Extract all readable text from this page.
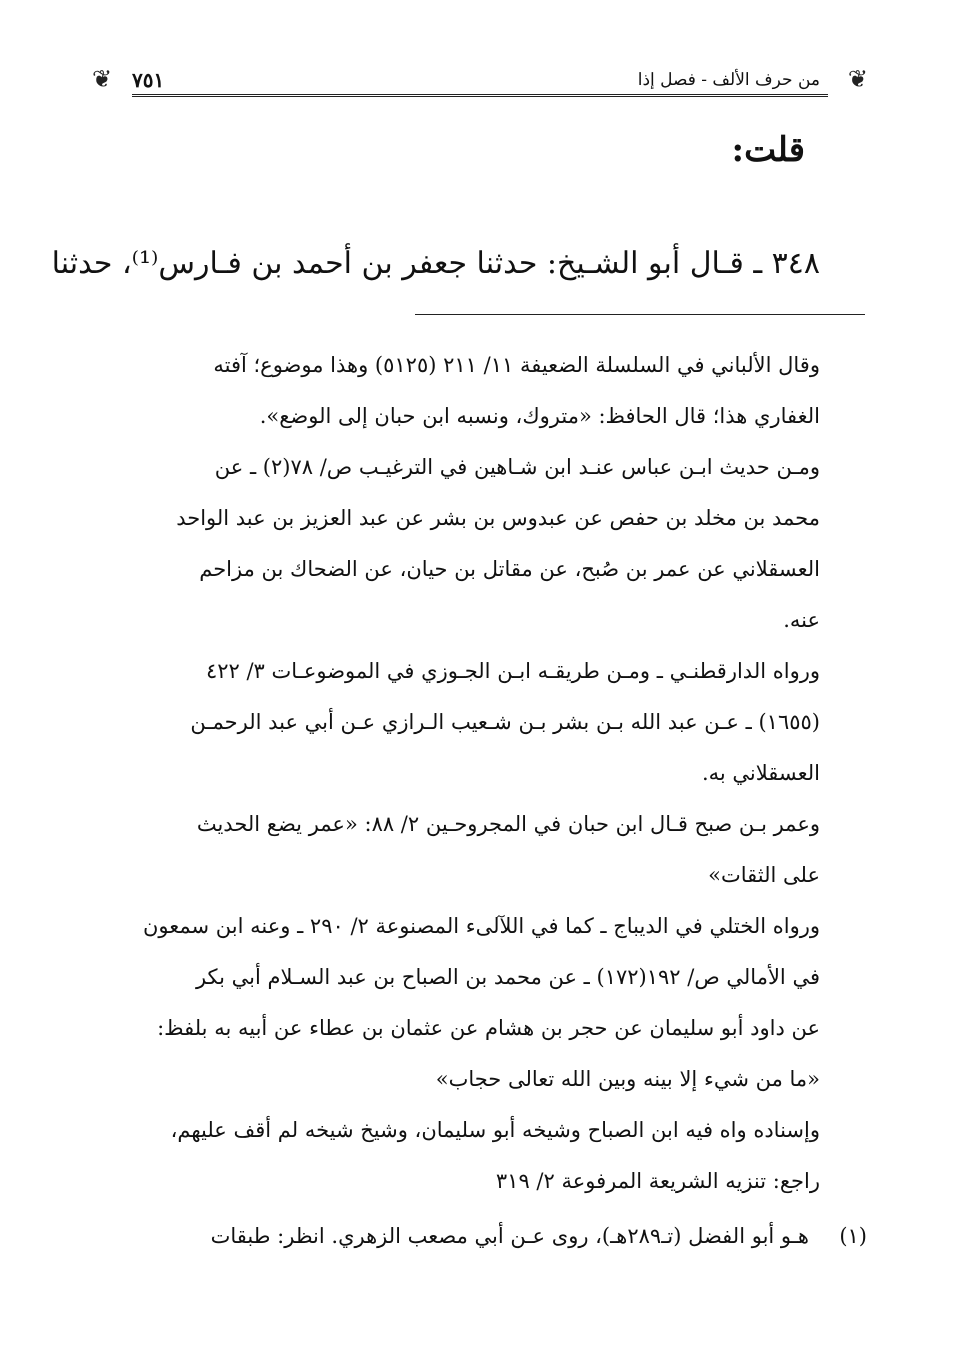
❦ ٧٥١	من حرف الألف - فصل إذا ❦
قلت:
٣٤٨ ـ قـال أبو الشـيخ: حدثنا جعفر بن أحمد بن فـارس⁽¹⁾، حدثنا

وقال الألباني في السلسلة الضعيفة ١١/ ٢١١ (٥١٢٥) وهذا موضوع؛ آفته

الغفاري هذا؛ قال الحافظ: «متروك، ونسبه ابن حبان إلى الوضع».

ومـن حديث ابـن عباس عنـد ابن شـاهين في الترغيـب ص/ ٧٨(٢) ـ عن

محمد بن مخلد بن حفص عن عبدوس بن بشر عن عبد العزيز بن عبد الواحد

العسقلاني عن عمر بن صُبح، عن مقاتل بن حيان، عن الضحاك بن مزاحم

عنه.

ورواه الدارقطنـي ـ ومـن طريقـه ابـن الجـوزي في الموضوعـات ٣/ ٤٢٢

(١٦٥٥) ـ عـن عبد الله بـن بشر بـن شـعيب الـرازي عـن أبي عبد الرحمـن

العسقلاني به.

وعمر بـن صبح قـال ابن حبان في المجروحـين ٢/ ٨٨: «عمر يضع الحديث

على الثقات»

ورواه الختلي في الديباج ـ كما في اللآلىء المصنوعة ٢/ ٢٩٠ ـ وعنه ابن سمعون

في الأمالي ص/ ١٩٢(١٧٢) ـ عن محمد بن الصباح بن عبد السـلام أبي بكر

عن داود أبو سليمان عن حجر بن هشام عن عثمان بن عطاء عن أبيه به بلفظ:

«ما من شيء إلا بينه وبين الله تعالى حجاب»

وإسناده واه فيه ابن الصباح وشيخه أبو سليمان، وشيخ شيخه لم أقف عليهم،

راجع: تنزيه الشريعة المرفوعة ٢/ ٣١٩

(١)
هـو أبو الفضل (تـ٢٨٩هـ)، روى عـن أبي مصعب الزهري. انظر: طبقات
